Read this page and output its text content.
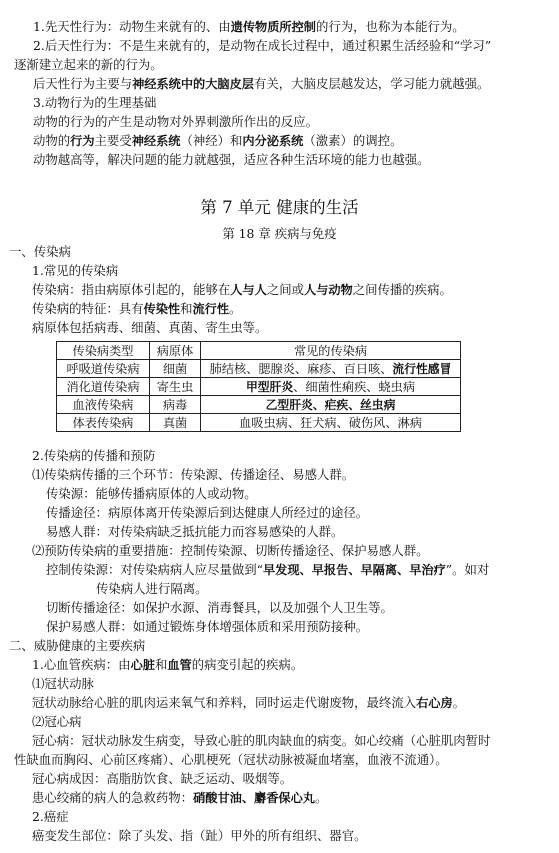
第 7 单元 健康的生活
第 18 章 疾病与免疫
传染病类型	病原体	常见的传染病
呼吸道传染病	细菌	肺结核、腮腺炎、麻疹、百日咳、流行性感冒
消化道传染病	寄生虫	甲型肝炎、细菌性痢疾、蛲虫病
血液传染病	病毒	乙型肝炎、疟疾、丝虫病
体表传染病	真菌	血吸虫病、狂犬病、破伤风、淋病
1.先天性行为：动物生来就有的、由遗传物质所控制的行为，也称为本能行为。
2.后天性行为：不是生来就有的，是动物在成长过程中，通过积累生活经验和“学习”
逐渐建立起来的新的行为。
后天性行为主要与神经系统中的大脑皮层有关，大脑皮层越发达，学习能力就越强。
3.动物行为的生理基础
动物的行为的产生是动物对外界刺激所作出的反应。
动物的行为主要受神经系统（神经）和内分泌系统（激素）的调控。
动物越高等，解决问题的能力就越强，适应各种生活环境的能力也越强。
一、传染病
1.常见的传染病
传染病：指由病原体引起的，能够在人与人之间或人与动物之间传播的疾病。
传染病的特征：具有传染性和流行性。
病原体包括病毒、细菌、真菌、寄生虫等。
2.传染病的传播和预防
⑴传染病传播的三个环节：传染源、传播途径、易感人群。
传染源：能够传播病原体的人或动物。
传播途径：病原体离开传染源后到达健康人所经过的途径。
易感人群：对传染病缺乏抵抗能力而容易感染的人群。
⑵预防传染病的重要措施：控制传染源、切断传播途径、保护易感人群。
控制传染源：对传染病病人应尽量做到“早发现、早报告、早隔离、早治疗”。如对
传染病人进行隔离。
切断传播途径：如保护水源、消毒餐具，以及加强个人卫生等。
保护易感人群：如通过锻炼身体增强体质和采用预防接种。
二、威胁健康的主要疾病
1.心血管疾病：由心脏和血管的病变引起的疾病。
⑴冠状动脉
冠状动脉给心脏的肌肉运来氧气和养料，同时运走代谢废物，最终流入右心房。
⑵冠心病
冠心病：冠状动脉发生病变，导致心脏的肌肉缺血的病变。如心绞痛（心脏肌肉暂时
性缺血而胸闷、心前区疼痛）、心肌梗死（冠状动脉被凝血堵塞，血液不流通）。
冠心病成因：高脂肪饮食、缺乏运动、吸烟等。
患心绞痛的病人的急救药物：硝酸甘油、麝香保心丸。
2.癌症
癌变发生部位：除了头发、指（趾）甲外的所有组织、器官。
